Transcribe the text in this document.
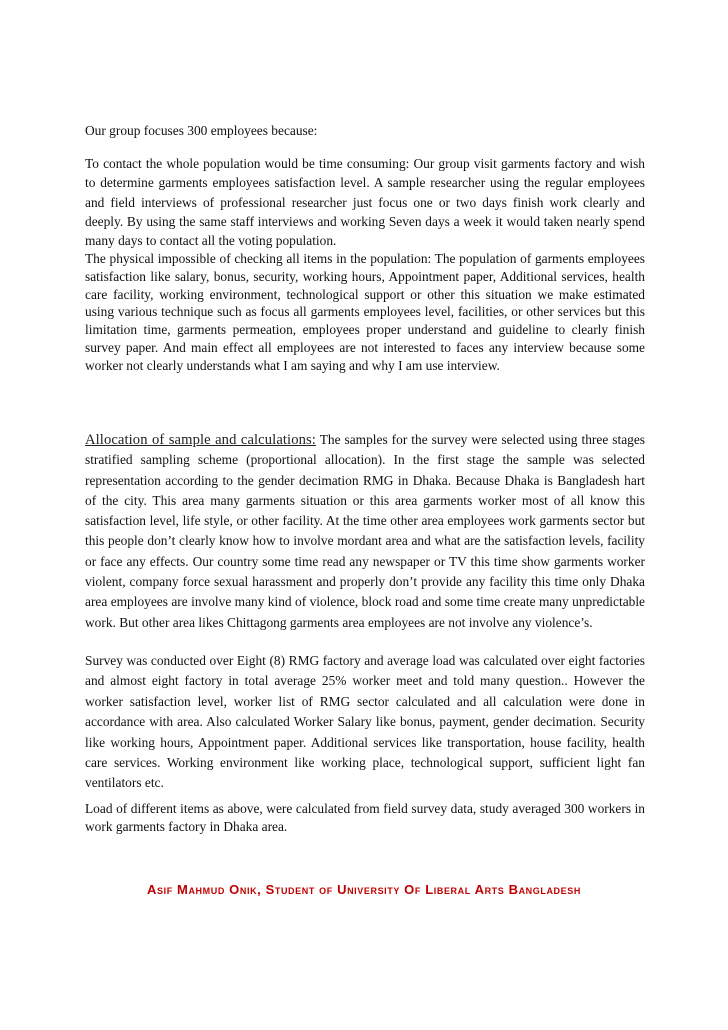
Our group focuses 300 employees because:

To contact the whole population would be time consuming: Our group visit garments factory and wish to determine garments employees satisfaction level. A sample researcher using the regular employees and field interviews of professional researcher just focus one or two days finish work clearly and deeply. By using the same staff interviews and working Seven days a week it would taken nearly spend many days to contact all the voting population.

The physical impossible of checking all items in the population: The population of garments employees satisfaction like salary, bonus, security, working hours, Appointment paper, Additional services, health care facility, working environment, technological support or other this situation we make estimated using various technique such as focus all garments employees level, facilities, or other services but this limitation time, garments permeation, employees proper understand and guideline to clearly finish survey paper. And main effect all employees are not interested to faces any interview because some worker not clearly understands what I am saying and why I am use interview.

Allocation of sample and calculations: The samples for the survey were selected using three stages stratified sampling scheme (proportional allocation). In the first stage the sample was selected representation according to the gender decimation RMG in Dhaka. Because Dhaka is Bangladesh hart of the city. This area many garments situation or this area garments worker most of all know this satisfaction level, life style, or other facility. At the time other area employees work garments sector but this people don’t clearly know how to involve mordant area and what are the satisfaction levels, facility or face any effects. Our country some time read any newspaper or TV this time show garments worker violent, company force sexual harassment and properly don’t provide any facility this time only Dhaka area employees are involve many kind of violence, block road and some time create many unpredictable work. But other area likes Chittagong garments area employees are not involve any violence’s.

Survey was conducted over Eight (8) RMG factory and average load was calculated over eight factories and almost eight factory in total average 25% worker meet and told many question.. However the worker satisfaction level, worker list of RMG sector calculated and all calculation were done in accordance with area. Also calculated Worker Salary like bonus, payment, gender decimation. Security like working hours, Appointment paper. Additional services like transportation, house facility, health care services. Working environment like working place, technological support, sufficient light fan ventilators etc.

Load of different items as above, were calculated from field survey data, study averaged 300 workers in work garments factory in Dhaka area.

Asif Mahmud Onik, Student of University Of Liberal Arts Bangladesh
